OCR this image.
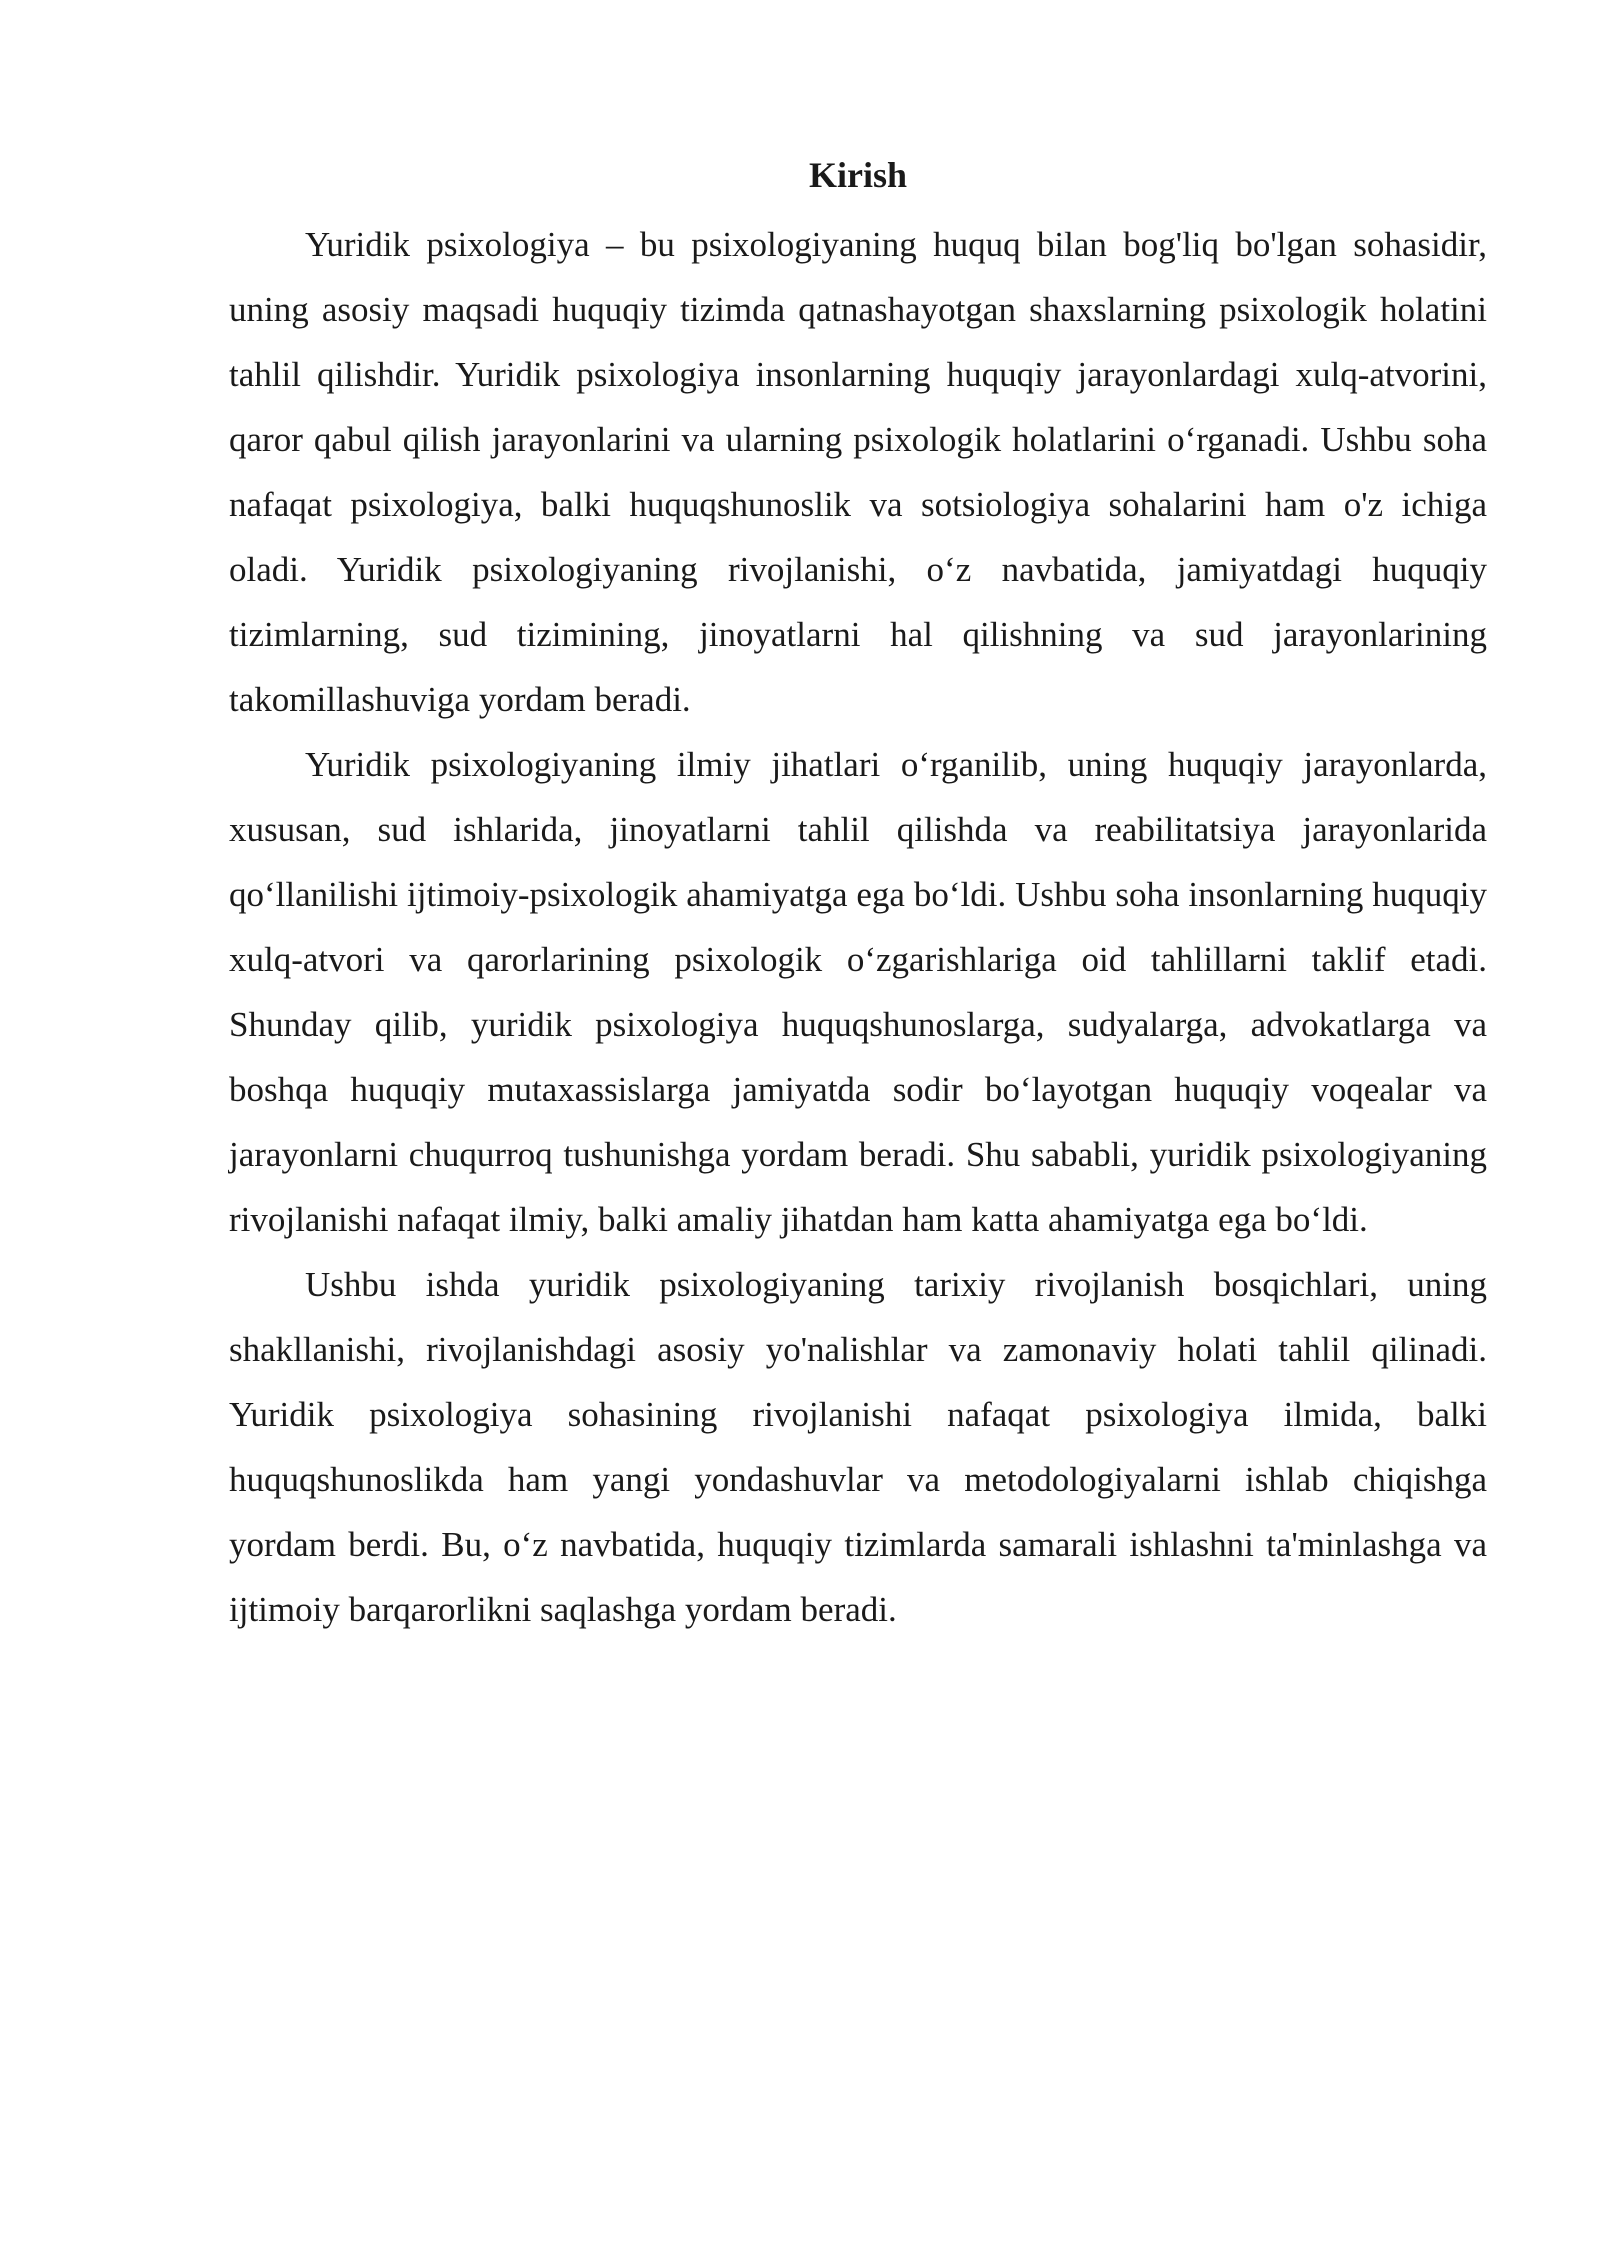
Kirish

Yuridik psixologiya – bu psixologiyaning huquq bilan bog'liq bo'lgan sohasidir, uning asosiy maqsadi huquqiy tizimda qatnashayotgan shaxslarning psixologik holatini tahlil qilishdir. Yuridik psixologiya insonlarning huquqiy jarayonlardagi xulq-atvorini, qaror qabul qilish jarayonlarini va ularning psixologik holatlarini o‘rganadi. Ushbu soha nafaqat psixologiya, balki huquqshunoslik va sotsiologiya sohalarini ham o'z ichiga oladi. Yuridik psixologiyaning rivojlanishi, o‘z navbatida, jamiyatdagi huquqiy tizimlarning, sud tizimining, jinoyatlarni hal qilishning va sud jarayonlarining takomillashuviga yordam beradi.

Yuridik psixologiyaning ilmiy jihatlari o‘rganilib, uning huquqiy jarayonlarda, xususan, sud ishlarida, jinoyatlarni tahlil qilishda va reabilitatsiya jarayonlarida qo‘llanilishi ijtimoiy-psixologik ahamiyatga ega bo‘ldi. Ushbu soha insonlarning huquqiy xulq-atvori va qarorlarining psixologik o‘zgarishlariga oid tahlillarni taklif etadi. Shunday qilib, yuridik psixologiya huquqshunoslarga, sudyalarga, advokatlarga va boshqa huquqiy mutaxassislarga jamiyatda sodir bo‘layotgan huquqiy voqealar va jarayonlarni chuqurroq tushunishga yordam beradi. Shu sababli, yuridik psixologiyaning rivojlanishi nafaqat ilmiy, balki amaliy jihatdan ham katta ahamiyatga ega bo‘ldi.

Ushbu ishda yuridik psixologiyaning tarixiy rivojlanish bosqichlari, uning shakllanishi, rivojlanishdagi asosiy yo'nalishlar va zamonaviy holati tahlil qilinadi. Yuridik psixologiya sohasining rivojlanishi nafaqat psixologiya ilmida, balki huquqshunoslikda ham yangi yondashuvlar va metodologiyalarni ishlab chiqishga yordam berdi. Bu, o‘z navbatida, huquqiy tizimlarda samarali ishlashni ta'minlashga va ijtimoiy barqarorlikni saqlashga yordam beradi.
